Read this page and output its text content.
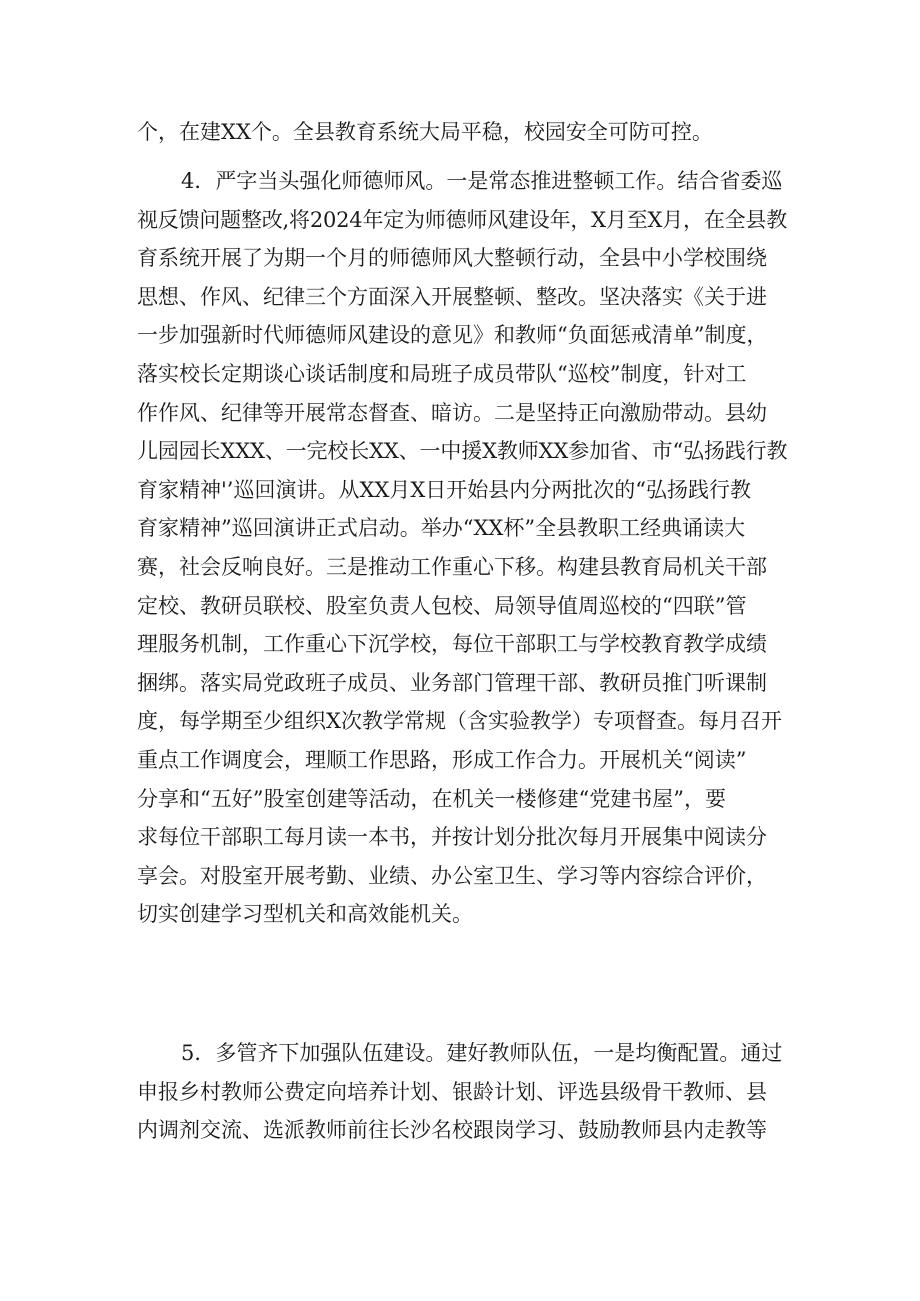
个，在建XX个。全县教育系统大局平稳，校园安全可防可控。
4．严字当头强化师德师风。一是常态推进整顿工作。结合省委巡
视反馈问题整改,将2024年定为师德师风建设年，X月至X月，在全县教
育系统开展了为期一个月的师德师风大整顿行动，全县中小学校围绕
思想、作风、纪律三个方面深入开展整顿、整改。坚决落实《关于进
一步加强新时代师德师风建设的意见》和教师“负面惩戒清单”制度，
落实校长定期谈心谈话制度和局班子成员带队“巡校”制度，针对工
作作风、纪律等开展常态督查、暗访。二是坚持正向激励带动。县幼
儿园园长XXX、一完校长XX、一中援X教师XX参加省、市“弘扬践行教
育家精神'’巡回演讲。从XX月X日开始县内分两批次的“弘扬践行教
育家精神”巡回演讲正式启动。举办“XX杯”全县教职工经典诵读大
赛，社会反响良好。三是推动工作重心下移。构建县教育局机关干部
定校、教研员联校、股室负责人包校、局领导值周巡校的“四联”管
理服务机制，工作重心下沉学校，每位干部职工与学校教育教学成绩
捆绑。落实局党政班子成员、业务部门管理干部、教研员推门听课制
度，每学期至少组织X次教学常规（含实验教学）专项督查。每月召开
重点工作调度会，理顺工作思路，形成工作合力。开展机关“阅读”
分享和“五好”股室创建等活动，在机关一楼修建“党建书屋”，要
求每位干部职工每月读一本书，并按计划分批次每月开展集中阅读分
享会。对股室开展考勤、业绩、办公室卫生、学习等内容综合评价，
切实创建学习型机关和高效能机关。
5．多管齐下加强队伍建设。建好教师队伍，一是均衡配置。通过
申报乡村教师公费定向培养计划、银龄计划、评选县级骨干教师、县
内调剂交流、选派教师前往长沙名校跟岗学习、鼓励教师县内走教等
